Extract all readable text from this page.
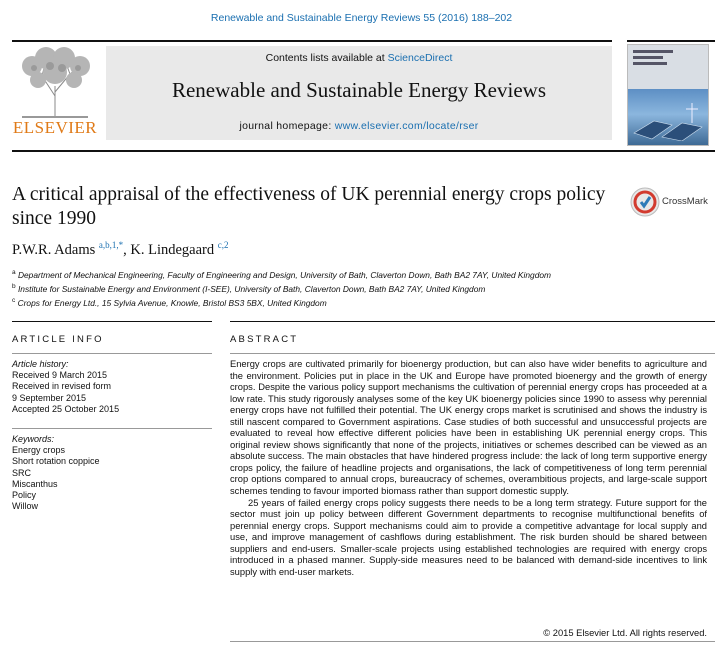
Renewable and Sustainable Energy Reviews 55 (2016) 188–202
ELSEVIER
Contents lists available at ScienceDirect
Renewable and Sustainable Energy Reviews
journal homepage: www.elsevier.com/locate/rser
A critical appraisal of the effectiveness of UK perennial energy crops policy since 1990
CrossMark
P.W.R. Adams $^{a,b,1,*}$, K. Lindegaard $^{c,2}$
$^a$ Department of Mechanical Engineering, Faculty of Engineering and Design, University of Bath, Claverton Down, Bath BA2 7AY, United Kingdom
$^b$ Institute for Sustainable Energy and Environment (I-SEE), University of Bath, Claverton Down, Bath BA2 7AY, United Kingdom
$^c$ Crops for Energy Ltd., 15 Sylvia Avenue, Knowle, Bristol BS3 5BX, United Kingdom
ARTICLE INFO	ABSTRACT
Article history:
Received 9 March 2015
Received in revised form
9 September 2015
Accepted 25 October 2015
Keywords:
Energy crops
Short rotation coppice
SRC
Miscanthus
Policy
Willow

Energy crops are cultivated primarily for bioenergy production, but can also have wider benefits to agriculture and the environment. Policies put in place in the UK and Europe have promoted bioenergy and the growth of energy crops. Despite the various policy support mechanisms the cultivation of perennial energy crops has proceeded at a low rate. This study rigorously analyses some of the key UK bioenergy policies since 1990 to assess why perennial energy crops have not fulfilled their potential. The UK energy crops market is scrutinised and shows the industry is still nascent compared to Government aspirations. Case studies of both successful and unsuccessful projects are evaluated to reveal how effective different policies have been in establishing UK perennial energy crops. This original review shows significantly that none of the projects, initiatives or schemes described can be viewed as an absolute success. The main obstacles that have hindered progress include: the lack of long term supportive energy crops policy, the failure of headline projects and organisations, the lack of competitiveness of long term perennial crop options compared to annual crops, bureaucracy of schemes, overambitious projects, and large-scale support schemes tending to favour imported biomass rather than support domestic supply.

25 years of failed energy crops policy suggests there needs to be a long term strategy. Future support for the sector must join up policy between different Government departments to recognise multifunctional benefits of perennial energy crops. Support mechanisms could aim to provide a competitive advantage for local supply and use, and improve management of cashflows during establishment. The risk burden should be shared between suppliers and end-users. Smaller-scale projects using established technologies are required with energy crops introduced in a phased manner. Supply-side measures need to be balanced with demand-side incentives to link supply with end-user markets.

© 2015 Elsevier Ltd. All rights reserved.
